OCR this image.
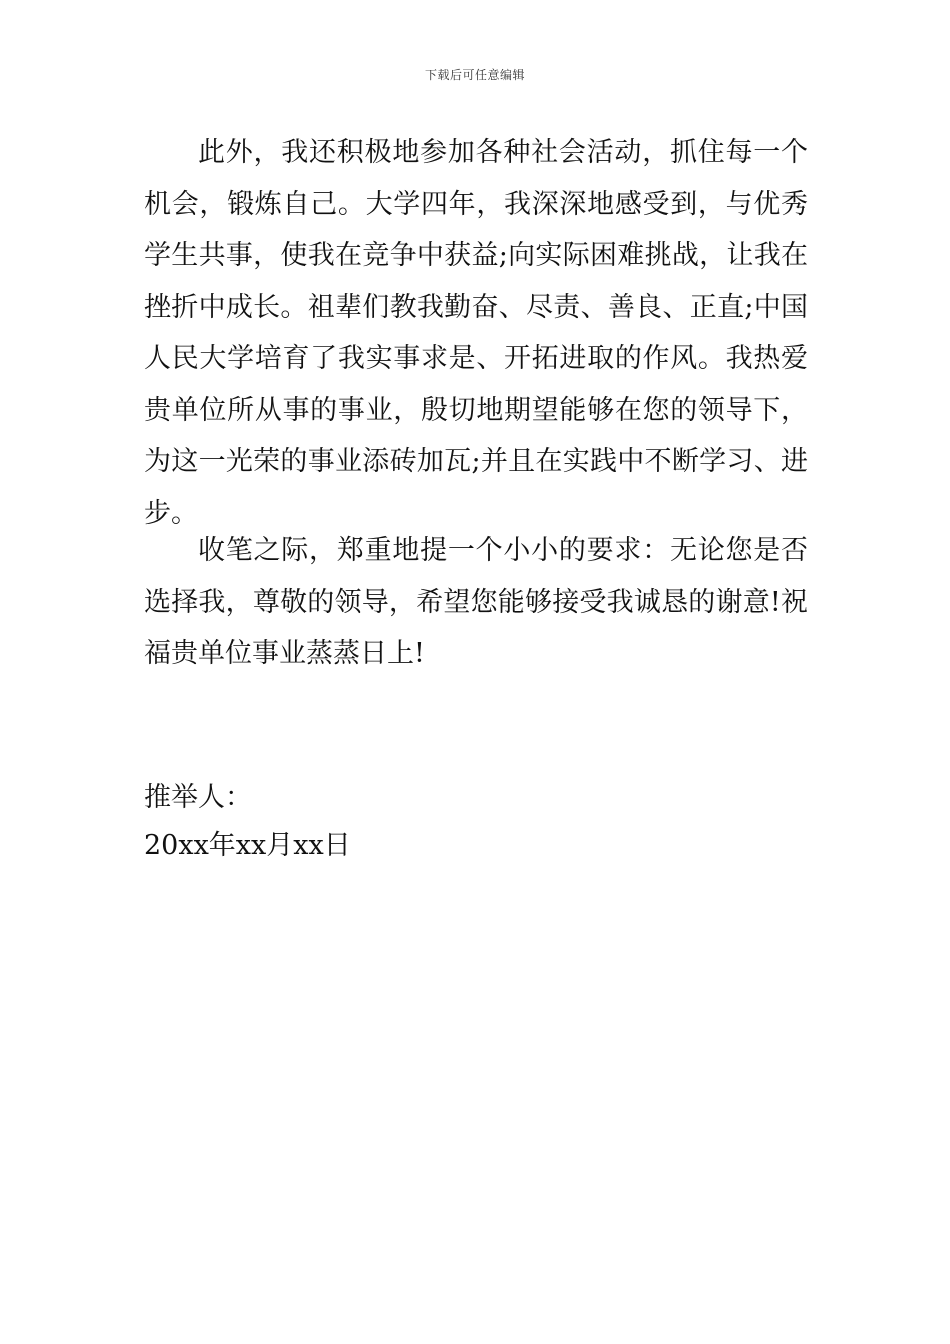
下载后可任意编辑

此外，我还积极地参加各种社会活动，抓住每一个机会，锻炼自己。大学四年，我深深地感受到，与优秀学生共事，使我在竞争中获益;向实际困难挑战，让我在挫折中成长。祖辈们教我勤奋、尽责、善良、正直;中国人民大学培育了我实事求是、开拓进取的作风。我热爱贵单位所从事的事业，殷切地期望能够在您的领导下，为这一光荣的事业添砖加瓦;并且在实践中不断学习、进步。

收笔之际，郑重地提一个小小的要求：无论您是否选择我，尊敬的领导，希望您能够接受我诚恳的谢意!祝福贵单位事业蒸蒸日上!

推举人：

20xx年xx月xx日
